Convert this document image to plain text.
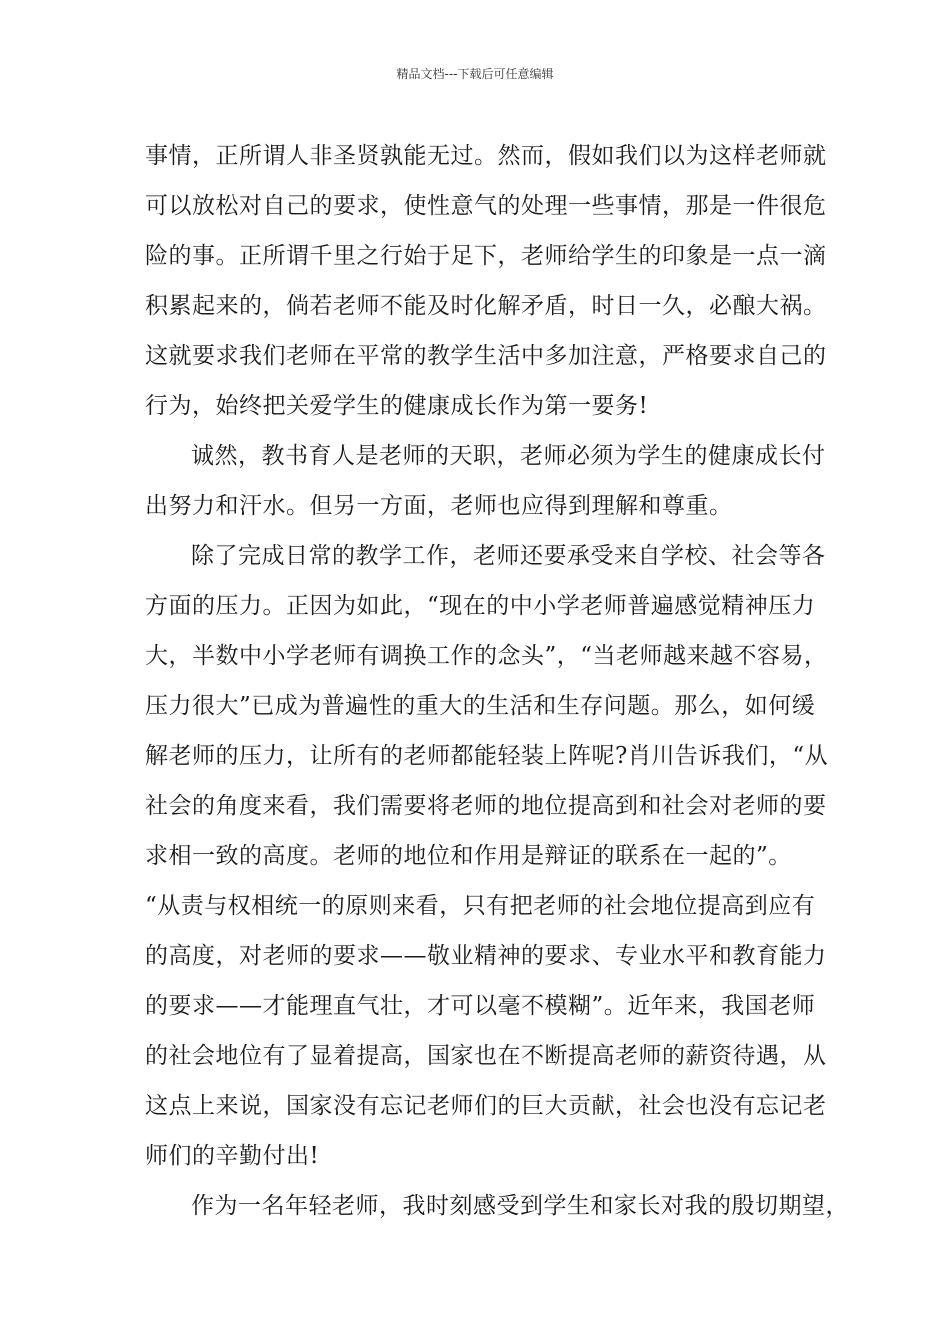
精品文档---下载后可任意编辑
事情，正所谓人非圣贤孰能无过。然而，假如我们以为这样老师就
可以放松对自己的要求，使性意气的处理一些事情，那是一件很危
险的事。正所谓千里之行始于足下，老师给学生的印象是一点一滴
积累起来的，倘若老师不能及时化解矛盾，时日一久，必酿大祸。
这就要求我们老师在平常的教学生活中多加注意，严格要求自己的
行为，始终把关爱学生的健康成长作为第一要务!
诚然，教书育人是老师的天职，老师必须为学生的健康成长付
出努力和汗水。但另一方面，老师也应得到理解和尊重。
除了完成日常的教学工作，老师还要承受来自学校、社会等各
方面的压力。正因为如此，“现在的中小学老师普遍感觉精神压力
大，半数中小学老师有调换工作的念头”，“当老师越来越不容易，
压力很大”已成为普遍性的重大的生活和生存问题。那么，如何缓
解老师的压力，让所有的老师都能轻装上阵呢?肖川告诉我们，“从
社会的角度来看，我们需要将老师的地位提高到和社会对老师的要
求相一致的高度。老师的地位和作用是辩证的联系在一起的”。
“从责与权相统一的原则来看，只有把老师的社会地位提高到应有
的高度，对老师的要求——敬业精神的要求、专业水平和教育能力
的要求——才能理直气壮，才可以毫不模糊”。近年来，我国老师
的社会地位有了显着提高，国家也在不断提高老师的薪资待遇，从
这点上来说，国家没有忘记老师们的巨大贡献，社会也没有忘记老
师们的辛勤付出!
作为一名年轻老师，我时刻感受到学生和家长对我的殷切期望，
